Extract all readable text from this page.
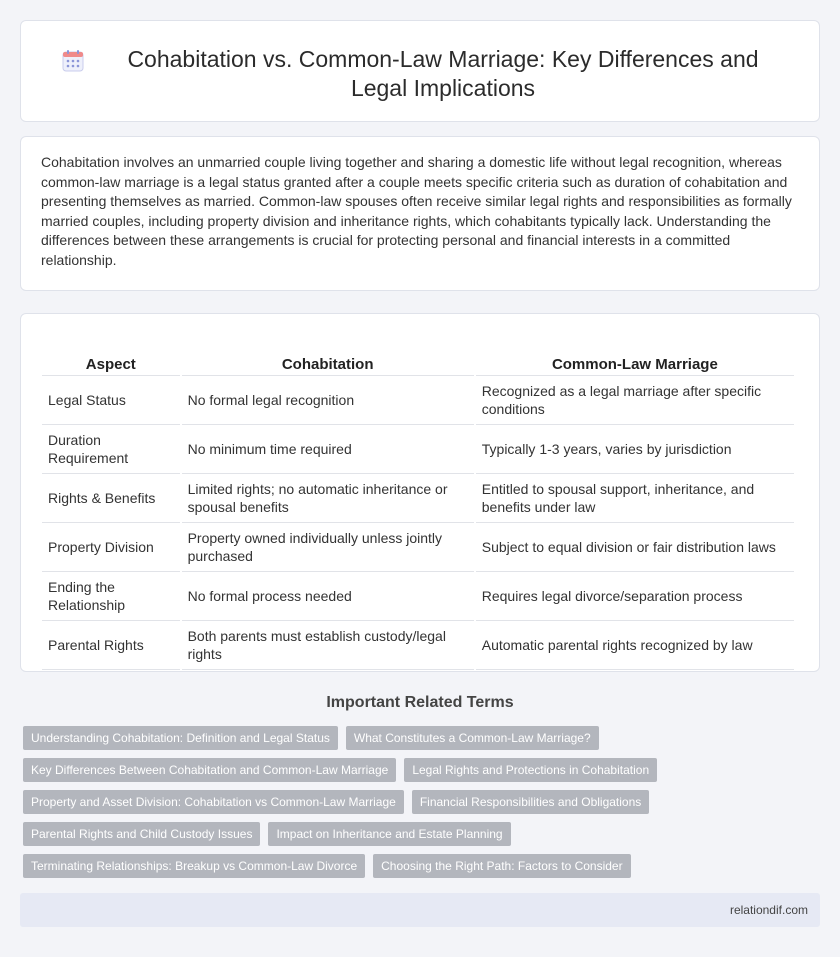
Cohabitation vs. Common-Law Marriage: Key Differences and Legal Implications

Cohabitation involves an unmarried couple living together and sharing a domestic life without legal recognition, whereas common-law marriage is a legal status granted after a couple meets specific criteria such as duration of cohabitation and presenting themselves as married. Common-law spouses often receive similar legal rights and responsibilities as formally married couples, including property division and inheritance rights, which cohabitants typically lack. Understanding the differences between these arrangements is crucial for protecting personal and financial interests in a committed relationship.

Aspect	Cohabitation	Common-Law Marriage
Legal Status	No formal legal recognition	Recognized as a legal marriage after specific conditions
Duration Requirement	No minimum time required	Typically 1-3 years, varies by jurisdiction
Rights & Benefits	Limited rights; no automatic inheritance or spousal benefits	Entitled to spousal support, inheritance, and benefits under law
Property Division	Property owned individually unless jointly purchased	Subject to equal division or fair distribution laws
Ending the Relationship	No formal process needed	Requires legal divorce/separation process
Parental Rights	Both parents must establish custody/legal rights	Automatic parental rights recognized by law
Important Related Terms
Understanding Cohabitation: Definition and Legal Status	What Constitutes a Common-Law Marriage?
Key Differences Between Cohabitation and Common-Law Marriage	Legal Rights and Protections in Cohabitation
Property and Asset Division: Cohabitation vs Common-Law Marriage	Financial Responsibilities and Obligations
Parental Rights and Child Custody Issues	Impact on Inheritance and Estate Planning
Terminating Relationships: Breakup vs Common-Law Divorce	Choosing the Right Path: Factors to Consider
relationdif.com
